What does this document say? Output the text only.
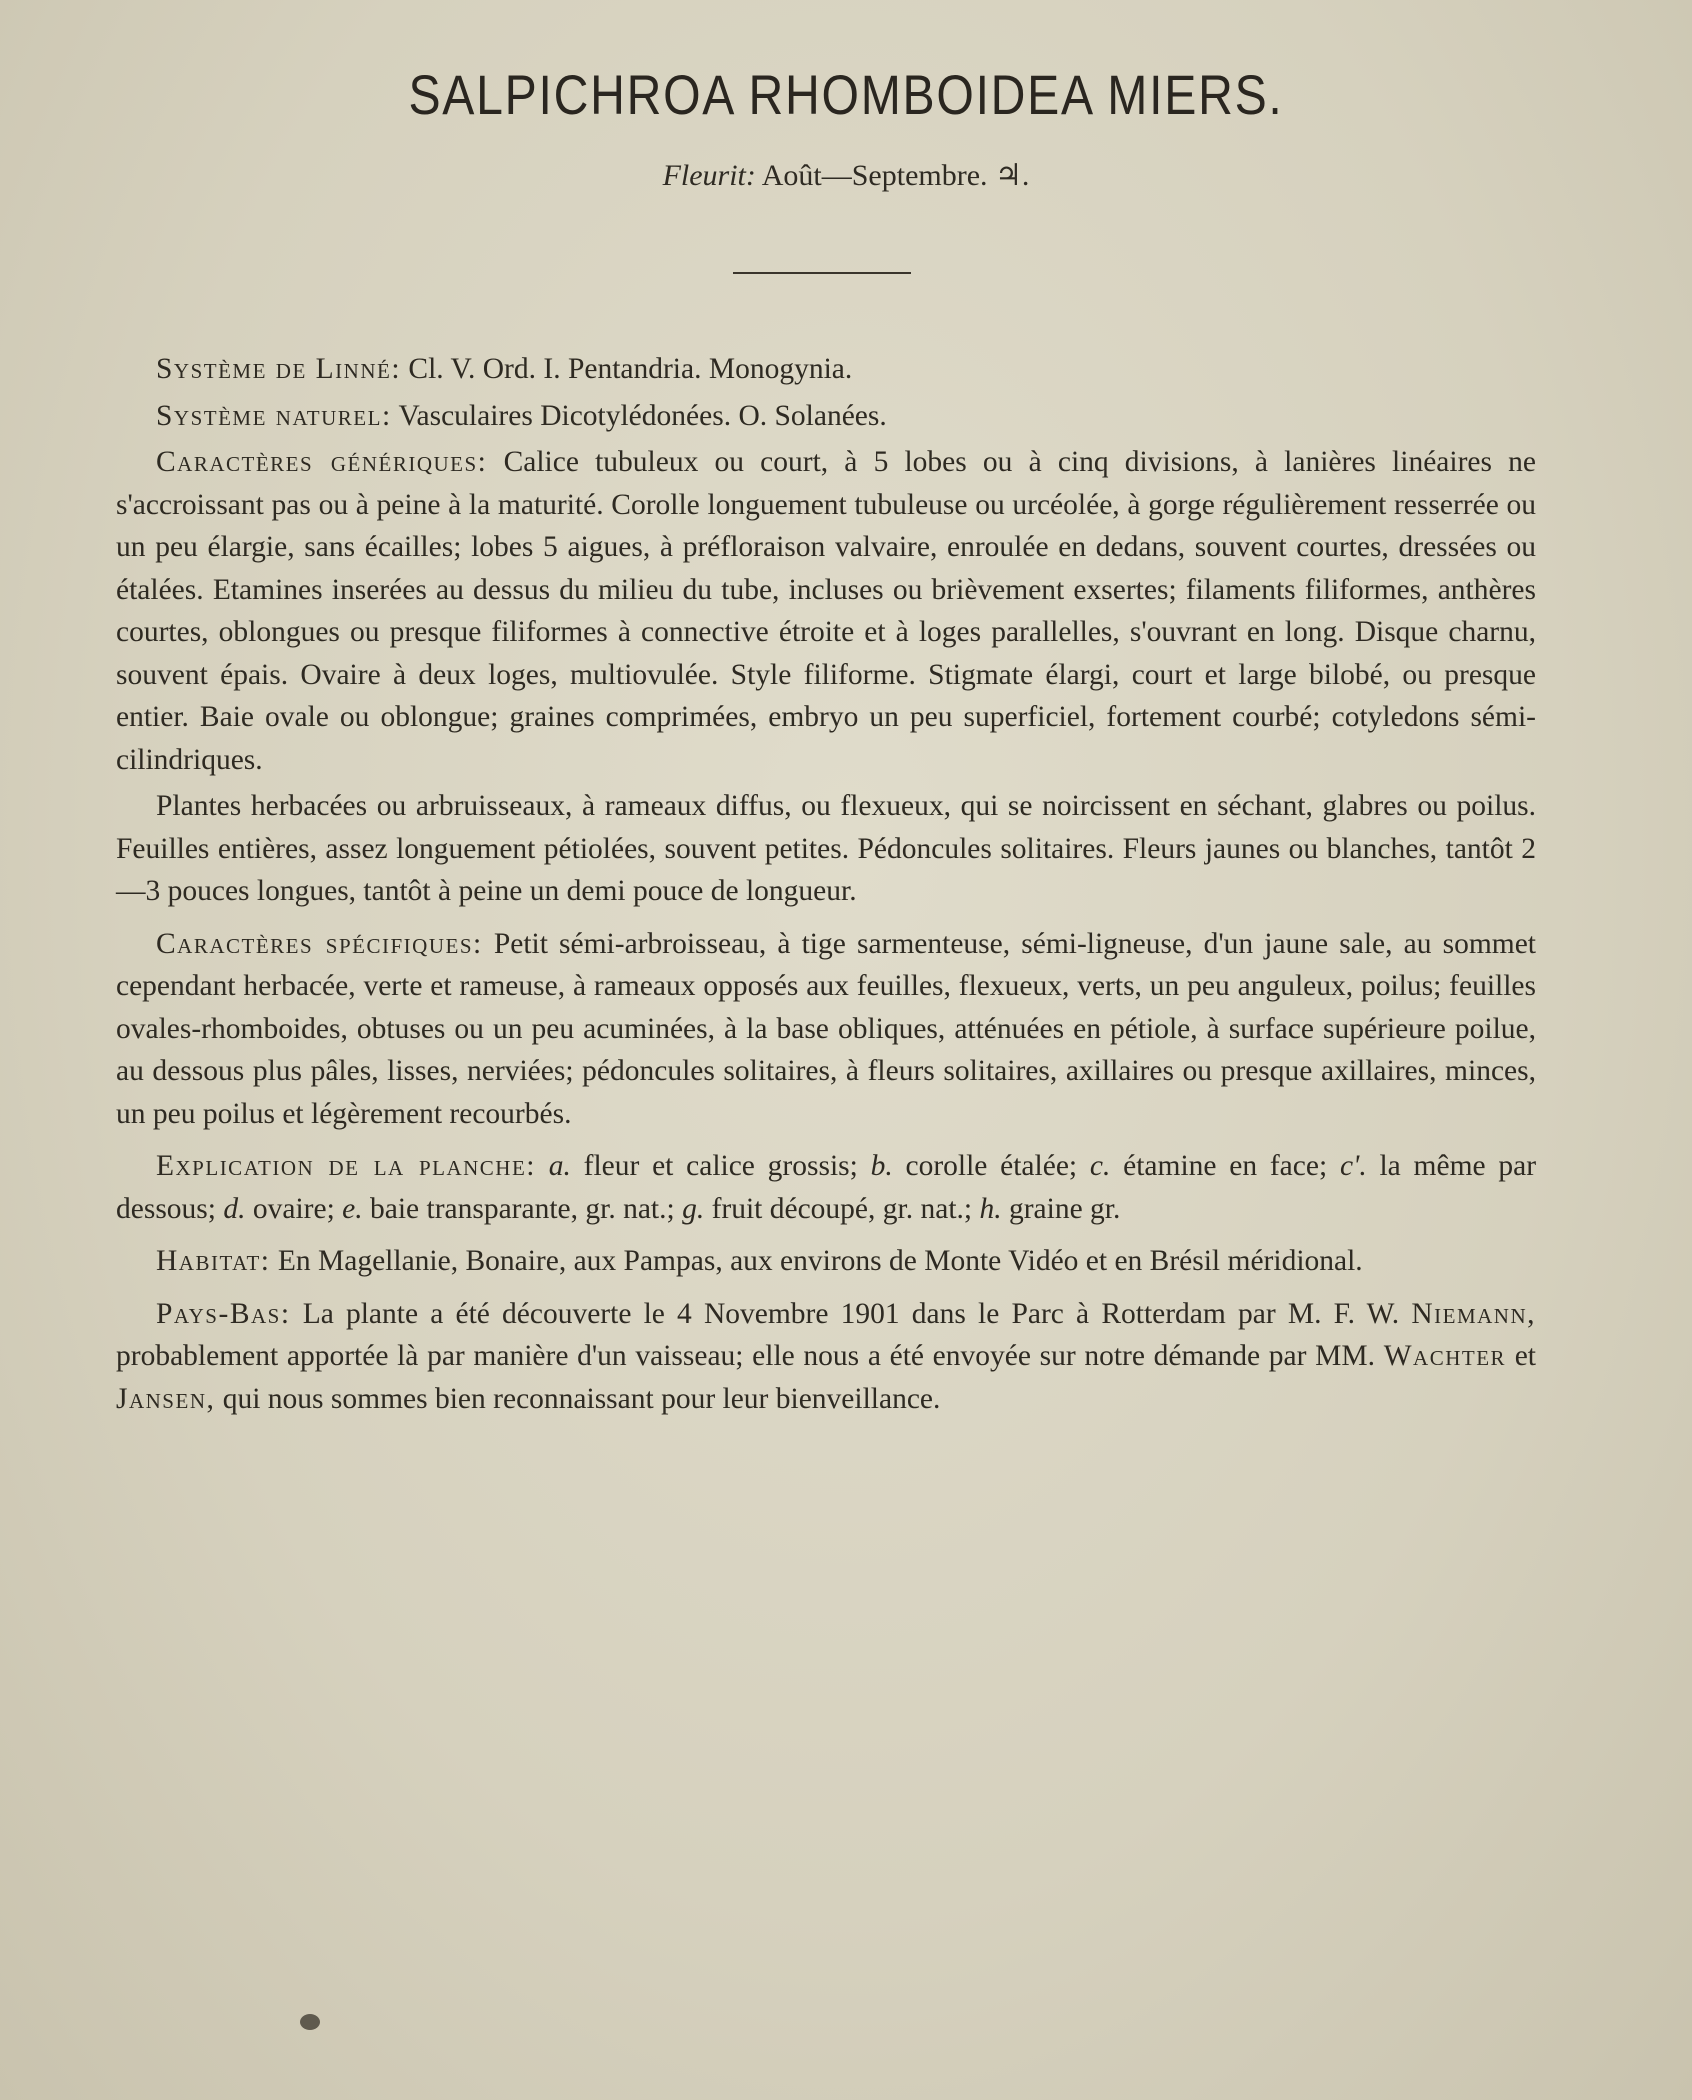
SALPICHROA RHOMBOIDEA MIERS.
Fleurit: Août—Septembre. ♃.

Système de Linné: Cl. V. Ord. I. Pentandria. Monogynia.

Système naturel: Vasculaires Dicotylédonées. O. Solanées.

Caractères génériques: Calice tubuleux ou court, à 5 lobes ou à cinq divisions, à lanières linéaires ne s'accroissant pas ou à peine à la maturité. Corolle longuement tubuleuse ou urcéolée, à gorge régulièrement resserrée ou un peu élargie, sans écailles; lobes 5 aigues, à préfloraison valvaire, enroulée en dedans, souvent courtes, dressées ou étalées. Etamines inserées au dessus du milieu du tube, incluses ou brièvement exsertes; filaments filiformes, anthères courtes, oblongues ou presque filiformes à connective étroite et à loges parallelles, s'ouvrant en long. Disque charnu, souvent épais. Ovaire à deux loges, multiovulée. Style filiforme. Stigmate élargi, court et large bilobé, ou presque entier. Baie ovale ou oblongue; graines comprimées, embryo un peu superficiel, fortement courbé; cotyledons sémi-cilindriques.

Plantes herbacées ou arbruisseaux, à rameaux diffus, ou flexueux, qui se noircissent en séchant, glabres ou poilus. Feuilles entières, assez longuement pétiolées, souvent petites. Pédoncules solitaires. Fleurs jaunes ou blanches, tantôt 2—3 pouces longues, tantôt à peine un demi pouce de longueur.

Caractères spécifiques: Petit sémi-arbroisseau, à tige sarmenteuse, sémi-ligneuse, d'un jaune sale, au sommet cependant herbacée, verte et rameuse, à rameaux opposés aux feuilles, flexueux, verts, un peu anguleux, poilus; feuilles ovales-rhomboides, obtuses ou un peu acuminées, à la base obliques, atténuées en pétiole, à surface supérieure poilue, au dessous plus pâles, lisses, nerviées; pédoncules solitaires, à fleurs solitaires, axillaires ou presque axillaires, minces, un peu poilus et légèrement recourbés.

Explication de la planche: a. fleur et calice grossis; b. corolle étalée; c. étamine en face; c'. la même par dessous; d. ovaire; e. baie transparante, gr. nat.; g. fruit découpé, gr. nat.; h. graine gr.

Habitat: En Magellanie, Bonaire, aux Pampas, aux environs de Monte Vidéo et en Brésil méridional.

Pays-Bas: La plante a été découverte le 4 Novembre 1901 dans le Parc à Rotterdam par M. F. W. Niemann, probablement apportée là par manière d'un vaisseau; elle nous a été envoyée sur notre démande par MM. Wachter et Jansen, qui nous sommes bien reconnaissant pour leur bienveillance.
